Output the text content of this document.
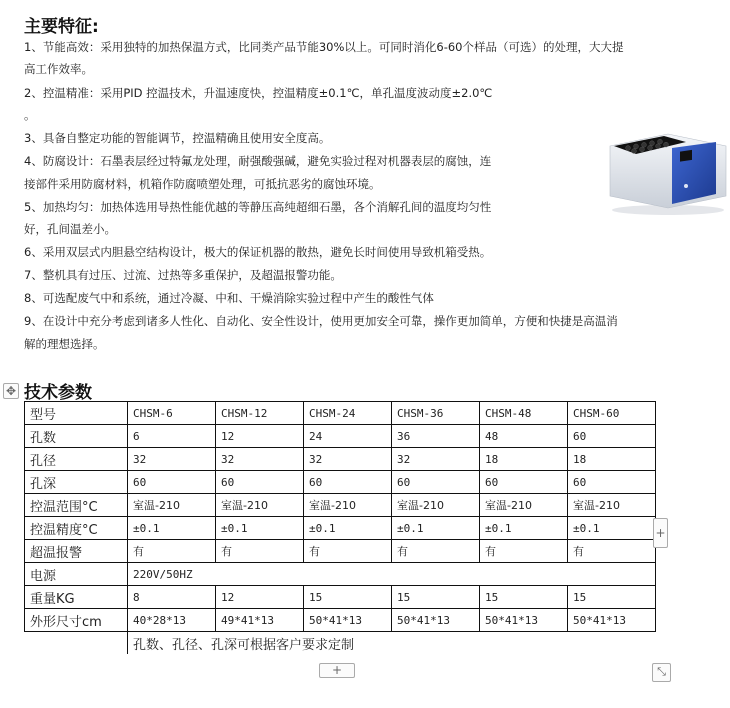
主要特征:
1、节能高效：采用独特的加热保温方式，比同类产品节能30%以上。可同时消化6-60个样品（可选）的处理，大大提
高工作效率。
2、控温精准：采用PID 控温技术，升温速度快，控温精度±0.1℃，单孔温度波动度±2.0℃
。
3、具备自整定功能的智能调节，控温精确且使用安全度高。
4、防腐设计：石墨表层经过特氟龙处理，耐强酸强碱，避免实验过程对机器表层的腐蚀，连
接部件采用防腐材料，机箱作防腐喷塑处理，可抵抗恶劣的腐蚀环境。
5、加热均匀：加热体选用导热性能优越的等静压高纯超细石墨，各个消解孔间的温度均匀性
好，孔间温差小。
6、采用双层式内胆悬空结构设计，极大的保证机器的散热，避免长时间使用导致机箱受热。
7、整机具有过压、过流、过热等多重保护，及超温报警功能。
8、可选配废气中和系统，通过冷凝、中和、干燥消除实验过程中产生的酸性气体
9、在设计中充分考虑到诸多人性化、自动化、安全性设计，使用更加安全可靠，操作更加简单，方便和快捷是高温消
解的理想选择。
技术参数
✥
型号	CHSM-6	CHSM-12	CHSM-24	CHSM-36	CHSM-48	CHSM-60
孔数	6	12	24	36	48	60
孔径	32	32	32	32	18	18
孔深	60	60	60	60	60	60
控温范围°C	室温-210	室温-210	室温-210	室温-210	室温-210	室温-210
控温精度°C	±0.1	±0.1	±0.1	±0.1	±0.1	±0.1
超温报警	有	有	有	有	有	有
电源	220V/50HZ					
重量KG	8	12	15	15	15	15
外形尺寸cm	40*28*13	49*41*13	50*41*13	50*41*13	50*41*13	50*41*13
	孔数、孔径、孔深可根据客户要求定制					
+
+	⤡
